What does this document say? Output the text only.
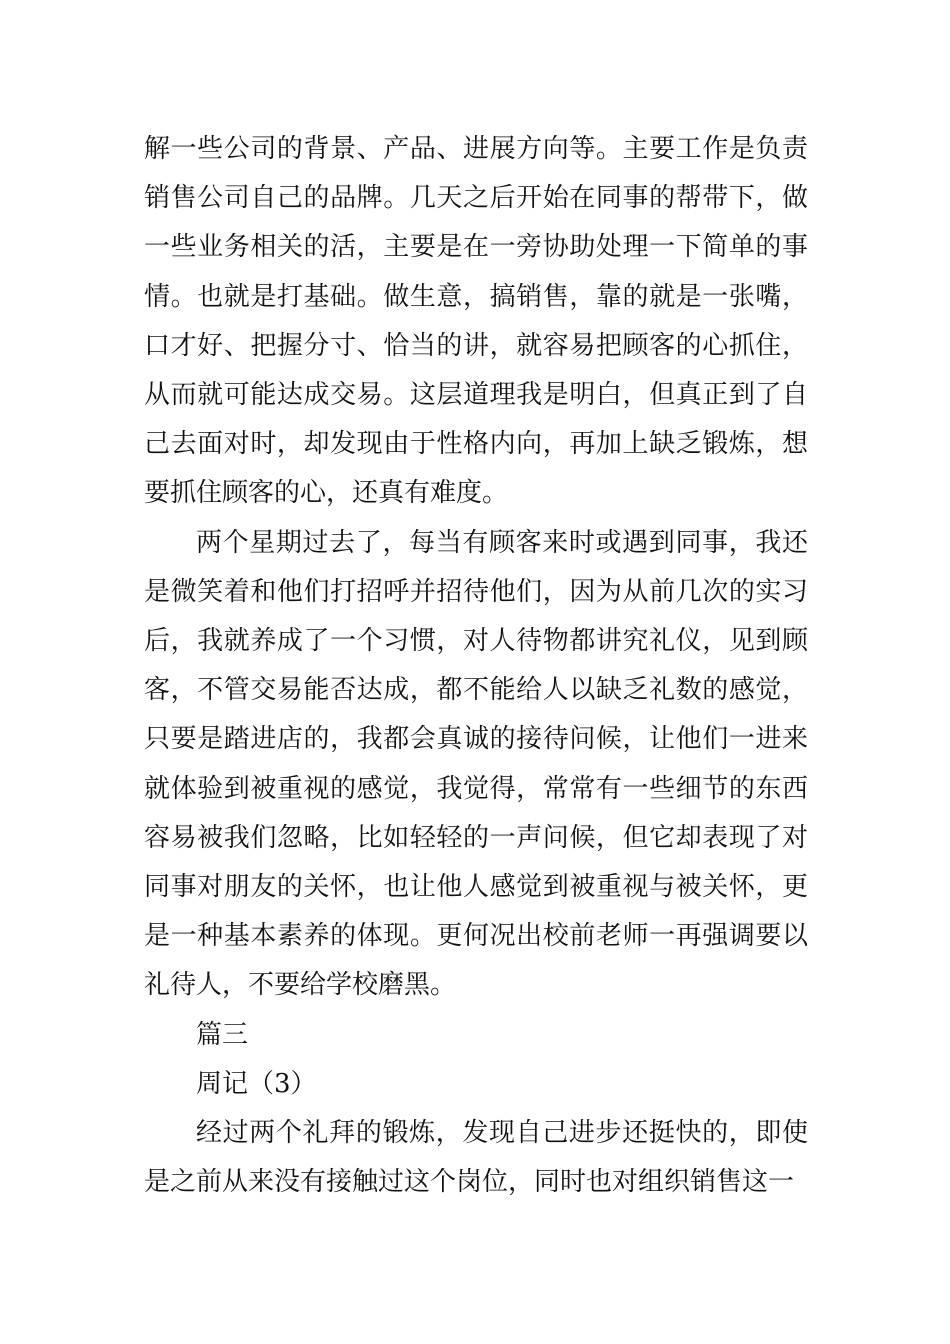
解一些公司的背景、产品、进展方向等。主要工作是负责销售公司自己的品牌。几天之后开始在同事的帮带下，做一些业务相关的活，主要是在一旁协助处理一下简单的事情。也就是打基础。做生意，搞销售，靠的就是一张嘴，口才好、把握分寸、恰当的讲，就容易把顾客的心抓住，从而就可能达成交易。这层道理我是明白，但真正到了自己去面对时，却发现由于性格内向，再加上缺乏锻炼，想要抓住顾客的心，还真有难度。

两个星期过去了，每当有顾客来时或遇到同事，我还是微笑着和他们打招呼并招待他们，因为从前几次的实习后，我就养成了一个习惯，对人待物都讲究礼仪，见到顾客，不管交易能否达成，都不能给人以缺乏礼数的感觉，只要是踏进店的，我都会真诚的接待问候，让他们一进来就体验到被重视的感觉，我觉得，常常有一些细节的东西容易被我们忽略，比如轻轻的一声问候，但它却表现了对同事对朋友的关怀，也让他人感觉到被重视与被关怀，更是一种基本素养的体现。更何况出校前老师一再强调要以礼待人，不要给学校磨黑。

篇三

周记（3）

经过两个礼拜的锻炼，发现自己进步还挺快的，即使是之前从来没有接触过这个岗位，同时也对组织销售这一
